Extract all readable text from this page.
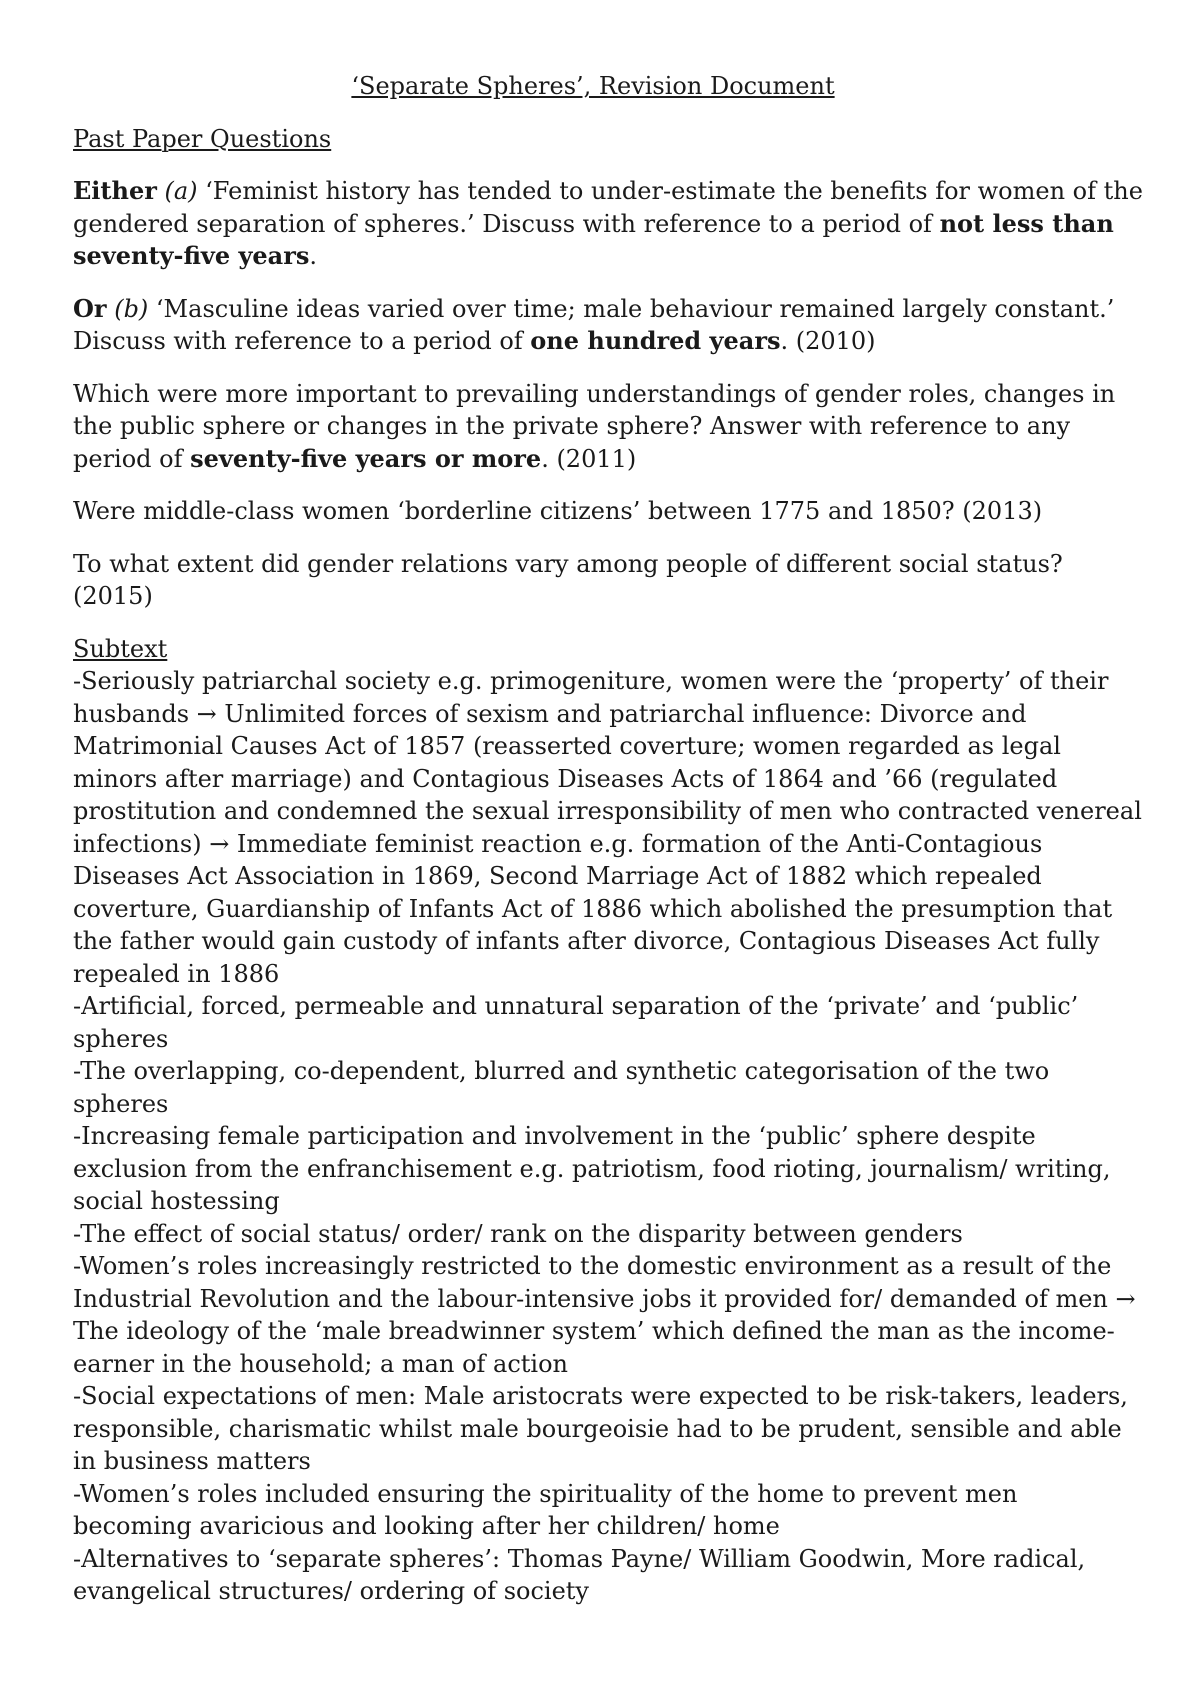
‘Separate Spheres’, Revision Document

Past Paper Questions

Either (a) ‘Feminist history has tended to under-estimate the benefits for women of the gendered separation of spheres.’ Discuss with reference to a period of not less than seventy-five years.

Or (b) ‘Masculine ideas varied over time; male behaviour remained largely constant.’ Discuss with reference to a period of one hundred years. (2010)

Which were more important to prevailing understandings of gender roles, changes in the public sphere or changes in the private sphere? Answer with reference to any period of seventy-five years or more. (2011)

Were middle-class women ‘borderline citizens’ between 1775 and 1850? (2013)

To what extent did gender relations vary among people of different social status? (2015)

Subtext

-Seriously patriarchal society e.g. primogeniture, women were the ‘property’ of their husbands → Unlimited forces of sexism and patriarchal influence: Divorce and Matrimonial Causes Act of 1857 (reasserted coverture; women regarded as legal minors after marriage) and Contagious Diseases Acts of 1864 and ’66 (regulated prostitution and condemned the sexual irresponsibility of men who contracted venereal infections) → Immediate feminist reaction e.g. formation of the Anti-Contagious Diseases Act Association in 1869, Second Marriage Act of 1882 which repealed coverture, Guardianship of Infants Act of 1886 which abolished the presumption that the father would gain custody of infants after divorce, Contagious Diseases Act fully repealed in 1886

-Artificial, forced, permeable and unnatural separation of the ‘private’ and ‘public’ spheres

-The overlapping, co-dependent, blurred and synthetic categorisation of the two spheres

-Increasing female participation and involvement in the ‘public’ sphere despite exclusion from the enfranchisement e.g. patriotism, food rioting, journalism/ writing, social hostessing

-The effect of social status/ order/ rank on the disparity between genders

-Women’s roles increasingly restricted to the domestic environment as a result of the Industrial Revolution and the labour-intensive jobs it provided for/ demanded of men → The ideology of the ‘male breadwinner system’ which defined the man as the income-earner in the household; a man of action

-Social expectations of men: Male aristocrats were expected to be risk-takers, leaders, responsible, charismatic whilst male bourgeoisie had to be prudent, sensible and able in business matters

-Women’s roles included ensuring the spirituality of the home to prevent men becoming avaricious and looking after her children/ home

-Alternatives to ‘separate spheres’: Thomas Payne/ William Goodwin, More radical, evangelical structures/ ordering of society
